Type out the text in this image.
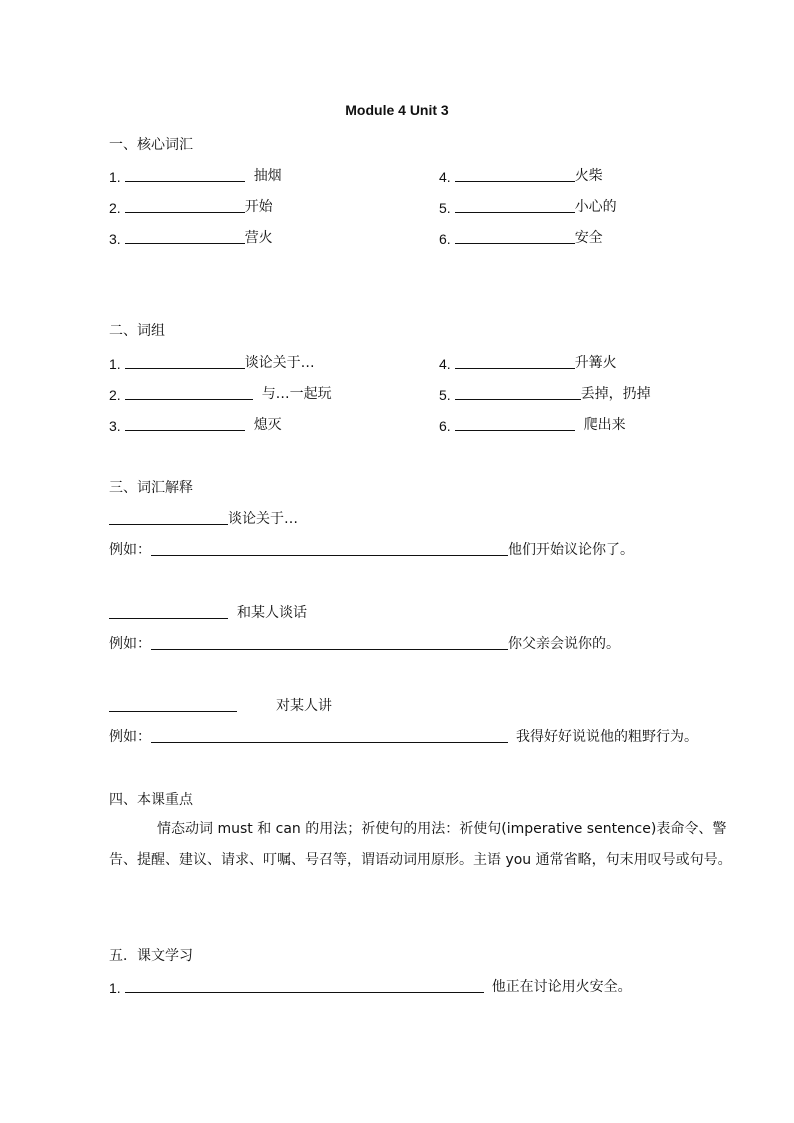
Module 4 Unit 3
一、核心词汇
1.	抽烟
2.	开始
3.	营火
4.	火柴
5.	小心的
6.	安全
二、词组
1.	谈论关于…
2.	与…一起玩
3.	熄灭
4.	升篝火
5.	丢掉，扔掉
6.	爬出来
三、词汇解释
谈论关于…
例如：	他们开始议论你了。
和某人谈话
例如：	你父亲会说你的。
对某人讲
例如：	我得好好说说他的粗野行为。
四、本课重点
情态动词 must 和 can 的用法；祈使句的用法：祈使句(imperative sentence)表命令、警告、提醒、建议、请求、叮嘱、号召等，谓语动词用原形。主语 you 通常省略，句末用叹号或句号。
五．课文学习
1.	他正在讨论用火安全。
